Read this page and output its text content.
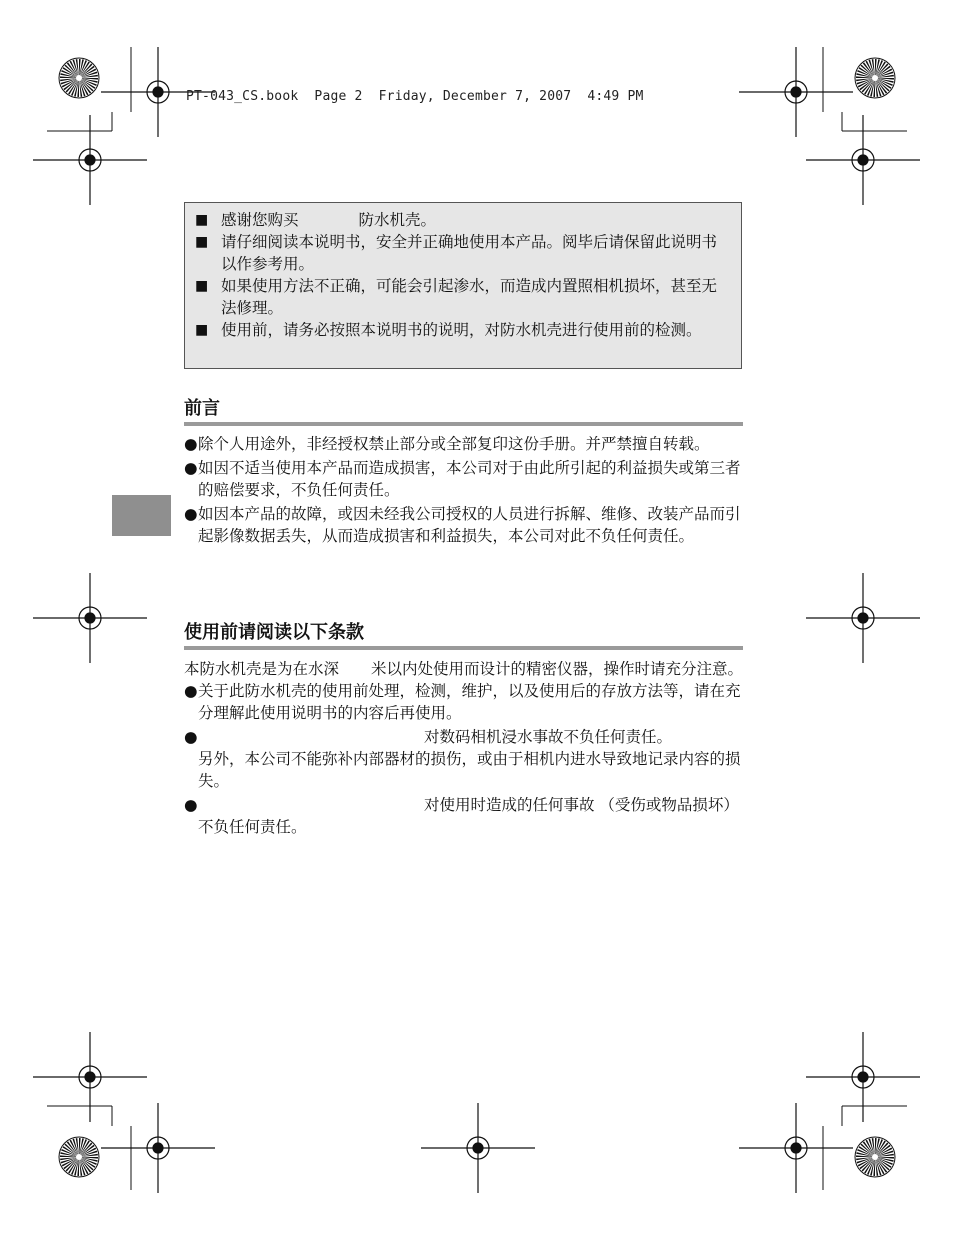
PT-043_CS.book  Page 2  Friday, December 7, 2007  4:49 PM
■ 感谢您购买	防水机壳。
■ 请仔细阅读本说明书，安全并正确地使用本产品。阅毕后请保留此说明书以作参考用。
■ 如果使用方法不正确，可能会引起渗水，而造成内置照相机损坏，甚至无法修理。
■ 使用前，请务必按照本说明书的说明，对防水机壳进行使用前的检测。
前言
● 除个人用途外，非经授权禁止部分或全部复印这份手册。并严禁擅自转载。
● 如因不适当使用本产品而造成损害，本公司对于由此所引起的利益损失或第三者的赔偿要求，不负任何责任。
● 如因本产品的故障，或因未经我公司授权的人员进行拆解、维修、改装产品而引起影像数据丢失，从而造成损害和利益损失，本公司对此不负任何责任。
使用前请阅读以下条款
本防水机壳是为在水深 米以内处使用而设计的精密仪器，操作时请充分注意。
● 关于此防水机壳的使用前处理，检测，维护，以及使用后的存放方法等，请在充分理解此使用说明书的内容后再使用。
●	对数码相机浸水事故不负任何责任。
另外，本公司不能弥补内部器材的损伤，或由于相机内进水导致地记录内容的损失。
●	对使用时造成的任何事故 （受伤或物品损坏）不负任何责任。
